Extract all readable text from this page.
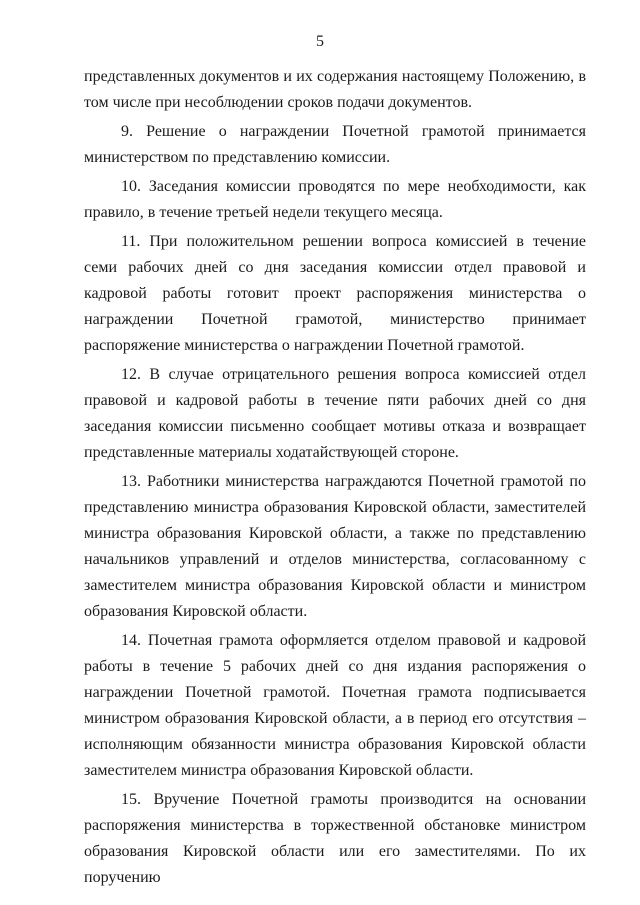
5

представленных документов и их содержания настоящему Положению, в том числе при несоблюдении сроков подачи документов.

9. Решение о награждении Почетной грамотой принимается министерством по представлению комиссии.

10. Заседания комиссии проводятся по мере необходимости, как правило, в течение третьей недели текущего месяца.

11. При положительном решении вопроса комиссией в течение семи рабочих дней со дня заседания комиссии отдел правовой и кадровой работы готовит проект распоряжения министерства о награждении Почетной грамотой, министерство принимает распоряжение министерства о награждении Почетной грамотой.

12. В случае отрицательного решения вопроса комиссией отдел правовой и кадровой работы в течение пяти рабочих дней со дня заседания комиссии письменно сообщает мотивы отказа и возвращает представленные материалы ходатайствующей стороне.

13. Работники министерства награждаются Почетной грамотой по представлению министра образования Кировской области, заместителей министра образования Кировской области, а также по представлению начальников управлений и отделов министерства, согласованному с заместителем министра образования Кировской области и министром образования Кировской области.

14. Почетная грамота оформляется отделом правовой и кадровой работы в течение 5 рабочих дней со дня издания распоряжения о награждении Почетной грамотой. Почетная грамота подписывается министром образования Кировской области, а в период его отсутствия – исполняющим обязанности министра образования Кировской области заместителем министра образования Кировской области.

15. Вручение Почетной грамоты производится на основании распоряжения министерства в торжественной обстановке министром образования Кировской области или его заместителями. По их поручению
